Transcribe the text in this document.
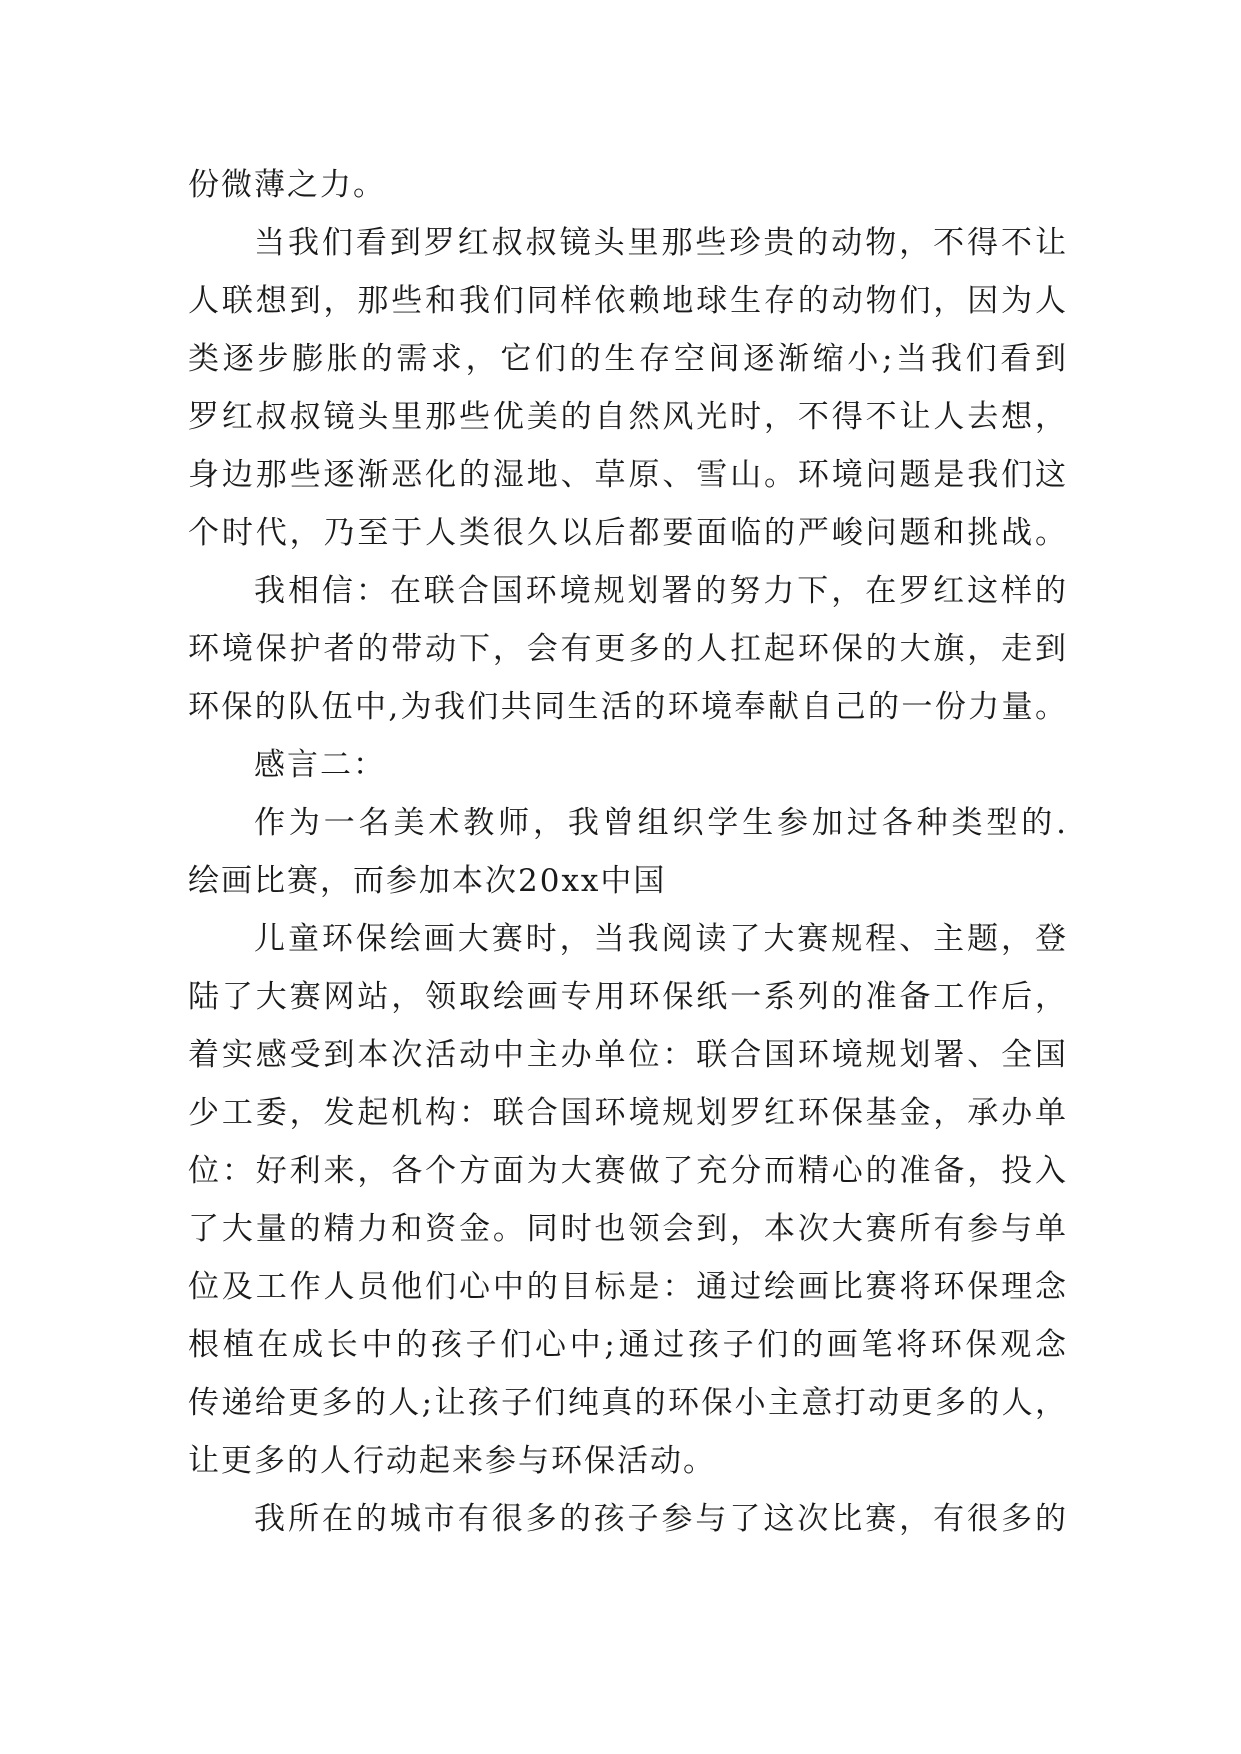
份微薄之力。
当我们看到罗红叔叔镜头里那些珍贵的动物，不得不让
人联想到，那些和我们同样依赖地球生存的动物们，因为人
类逐步膨胀的需求，它们的生存空间逐渐缩小;当我们看到
罗红叔叔镜头里那些优美的自然风光时，不得不让人去想，
身边那些逐渐恶化的湿地、草原、雪山。环境问题是我们这
个时代，乃至于人类很久以后都要面临的严峻问题和挑战。
我相信：在联合国环境规划署的努力下，在罗红这样的
环境保护者的带动下，会有更多的人扛起环保的大旗，走到
环保的队伍中,为我们共同生活的环境奉献自己的一份力量。
感言二：
作为一名美术教师，我曾组织学生参加过各种类型的.
绘画比赛，而参加本次20xx中国
儿童环保绘画大赛时，当我阅读了大赛规程、主题，登
陆了大赛网站，领取绘画专用环保纸一系列的准备工作后，
着实感受到本次活动中主办单位：联合国环境规划署、全国
少工委，发起机构：联合国环境规划罗红环保基金，承办单
位：好利来，各个方面为大赛做了充分而精心的准备，投入
了大量的精力和资金。同时也领会到，本次大赛所有参与单
位及工作人员他们心中的目标是：通过绘画比赛将环保理念
根植在成长中的孩子们心中;通过孩子们的画笔将环保观念
传递给更多的人;让孩子们纯真的环保小主意打动更多的人，
让更多的人行动起来参与环保活动。
我所在的城市有很多的孩子参与了这次比赛，有很多的
